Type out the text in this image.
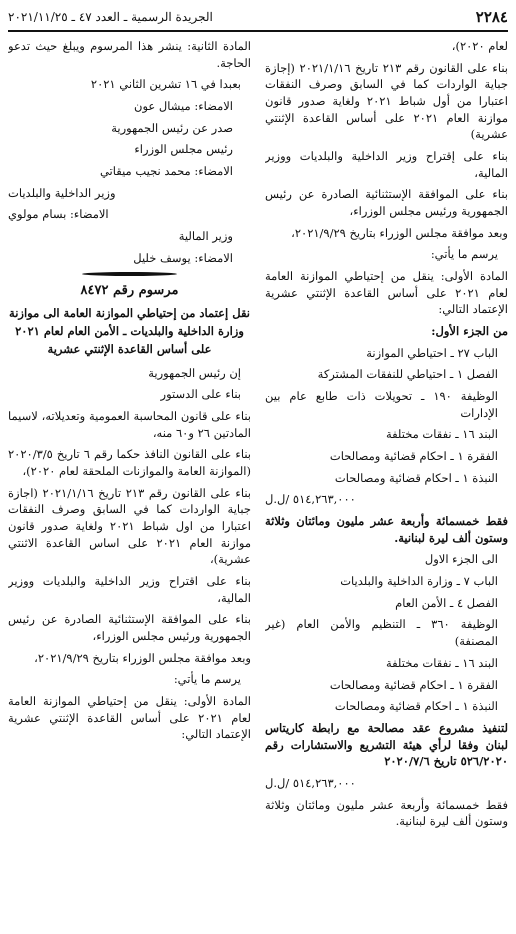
٢٢٨٤
الجريدة الرسمية ـ العدد ٤٧ ـ ٢٠٢١/١١/٢٥

لعام ٢٠٢٠)،

بناء على القانون رقم ٢١٣ تاريخ ٢٠٢١/١/١٦ (إجازة جباية الواردات كما في السابق وصرف النفقات اعتبارا من أول شباط ٢٠٢١ ولغاية صدور قانون موازنة العام ٢٠٢١ على أساس القاعدة الإثنتي عشرية)

بناء على إقتراح وزير الداخلية والبلديات ووزير المالية،

بناء على الموافقة الإستثنائية الصادرة عن رئيس الجمهورية ورئيس مجلس الوزراء،

وبعد موافقة مجلس الوزراء بتاريخ ٢٠٢١/٩/٢٩،

يرسم ما يأتي:

المادة الأولى: ينقل من إحتياطي الموازنة العامة لعام ٢٠٢١ على أساس القاعدة الإثنتي عشرية الإعتماد التالي:

من الجزء الأول:

الباب ٢٧ ـ احتياطي الموازنة

الفصل ١ ـ احتياطي للنفقات المشتركة

الوظيفة ١٩٠ ـ تحويلات ذات طابع عام بين الإدارات

البند ١٦ ـ نفقات مختلفة

الفقرة ١ ـ احكام قضائية ومصالحات

النبذة ١ ـ احكام قضائية ومصالحات

٥١٤,٢٦٣,٠٠٠ /ل.ل

فقط خمسمائة وأربعة عشر مليون ومائتان وثلاثة وستون ألف ليرة لبنانية.

الى الجزء الاول

الباب ٧ ـ وزارة الداخلية والبلديات

الفصل ٤ ـ الأمن العام

الوظيفة ٣٦٠ ـ التنظيم والأمن العام (غير المصنفة)

البند ١٦ ـ نفقات مختلفة

الفقرة ١ ـ احكام قضائية ومصالحات

النبذة ١ ـ احكام قضائية ومصالحات

لتنفيذ مشروع عقد مصالحة مع رابطة كاريتاس لبنان وفقا لرأي هيئة التشريع والاستشارات رقم ٥٢٦/٢٠٢٠ تاريخ ٢٠٢٠/٧/٦

٥١٤,٢٦٣,٠٠٠ /ل.ل

فقط خمسمائة وأربعة عشر مليون ومائتان وثلاثة وستون ألف ليرة لبنانية.

المادة الثانية: ينشر هذا المرسوم ويبلغ حيث تدعو الحاجة.

بعبدا في ١٦ تشرين الثاني ٢٠٢١

الامضاء: ميشال عون

صدر عن رئيس الجمهورية

رئيس مجلس الوزراء

الامضاء: محمد نجيب ميقاتي

وزير الداخلية والبلديات

الامضاء: بسام مولوي

وزير المالية

الامضاء: يوسف خليل

مرسوم رقم ٨٤٧٢
نقل إعتماد من إحتياطي الموازنة العامة الى موازنة وزارة الداخلية والبلديات ـ الأمن العام لعام ٢٠٢١ على أساس القاعدة الإثنتي عشرية

إن رئيس الجمهورية

بناء على الدستور

بناء على قانون المحاسبة العمومية وتعديلاته، لاسيما المادتين ٢٦ و٦٠ منه،

بناء على القانون النافذ حكما رقم ٦ تاريخ ٢٠٢٠/٣/٥ (الموازنة العامة والموازنات الملحقة لعام ٢٠٢٠)،

بناء على القانون رقم ٢١٣ تاريخ ٢٠٢١/١/١٦ (اجازة جباية الواردات كما في السابق وصرف النفقات اعتبارا من اول شباط ٢٠٢١ ولغاية صدور قانون موازنة العام ٢٠٢١ على اساس القاعدة الاثنتي عشرية)،

بناء على اقتراح وزير الداخلية والبلديات ووزير المالية،

بناء على الموافقة الإستثنائية الصادرة عن رئيس الجمهورية ورئيس مجلس الوزراء،

وبعد موافقة مجلس الوزراء بتاريخ ٢٠٢١/٩/٢٩،

يرسم ما يأتي:

المادة الأولى: ينقل من إحتياطي الموازنة العامة لعام ٢٠٢١ على أساس القاعدة الإثنتي عشرية الإعتماد التالي:
